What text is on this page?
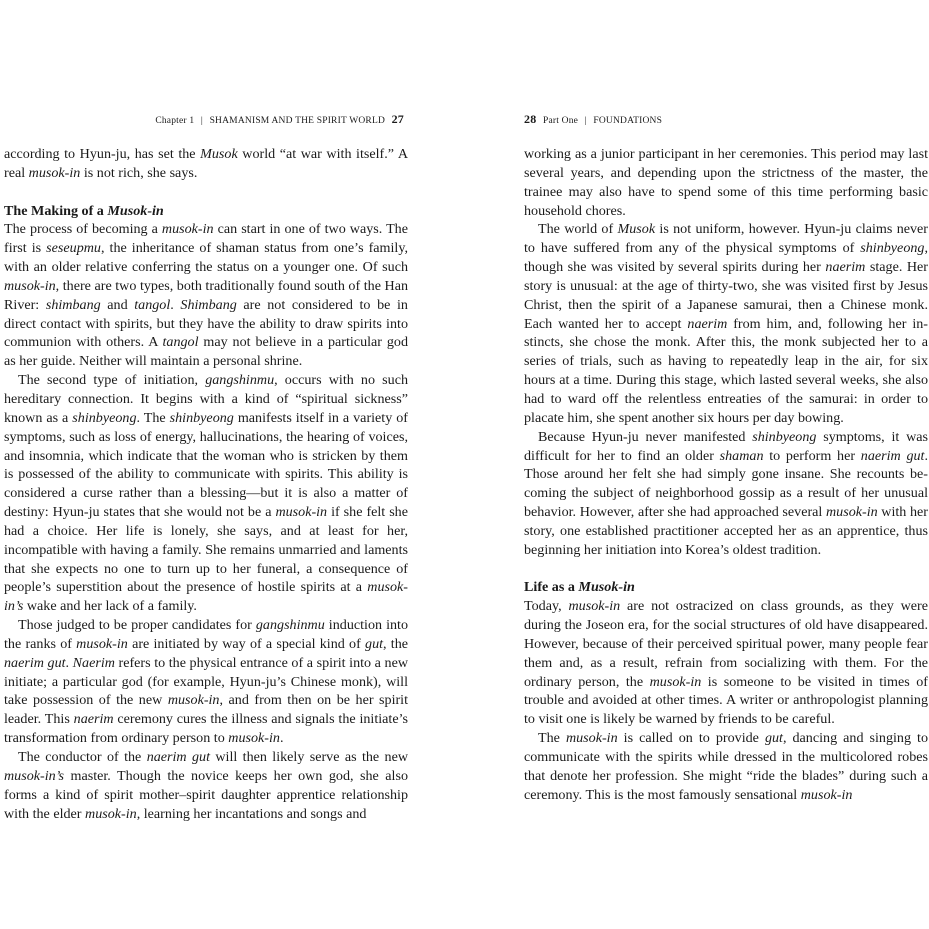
Chapter 1 | SHAMANISM AND THE SPIRIT WORLD 27

according to Hyun-ju, has set the Musok world “at war with itself.” A real musok-in is not rich, she says.

The Making of a Musok-in

The process of becoming a musok-in can start in one of two ways. The first is seseupmu, the inheritance of shaman status from one’s family, with an older relative conferring the status on a younger one. Of such musok-in, there are two types, both traditionally found south of the Han River: shimbang and tangol. Shimbang are not considered to be in direct contact with spirits, but they have the ability to draw spirits into communion with others. A tangol may not believe in a particular god as her guide. Neither will maintain a personal shrine.

The second type of initiation, gangshinmu, occurs with no such hereditary connection. It begins with a kind of “spiritual sickness” known as a shinbyeong. The shinbyeong manifests itself in a variety of symptoms, such as loss of energy, hallucinations, the hearing of voices, and insomnia, which indicate that the woman who is stricken by them is possessed of the ability to communicate with spirits. This ability is considered a curse rather than a blessing—but it is also a matter of destiny: Hyun-ju states that she would not be a musok-in if she felt she had a choice. Her life is lonely, she says, and at least for her, incompatible with having a family. She remains unmarried and laments that she expects no one to turn up to her funeral, a consequence of people’s superstition about the presence of hostile spirits at a musok-in’s wake and her lack of a family.

Those judged to be proper candidates for gangshinmu induction into the ranks of musok-in are initiated by way of a special kind of gut, the naerim gut. Naerim refers to the physical entrance of a spirit into a new initiate; a particular god (for example, Hyun-ju’s Chinese monk), will take possession of the new musok-in, and from then on be her spirit leader. This naerim ceremony cures the illness and signals the initiate’s transformation from ordinary person to musok-in.

The conductor of the naerim gut will then likely serve as the new musok-in’s master. Though the novice keeps her own god, she also forms a kind of spirit mother–spirit daughter apprentice relationship with the elder musok-in, learning her incantations and songs and

28 Part One | FOUNDATIONS

working as a junior participant in her ceremonies. This period may last several years, and depending upon the strictness of the master, the trainee may also have to spend some of this time performing basic household chores.

The world of Musok is not uniform, however. Hyun-ju claims never to have suffered from any of the physical symptoms of shinbyeong, though she was visited by several spirits during her naerim stage. Her story is unusual: at the age of thirty-two, she was visited first by Jesus Christ, then the spirit of a Japanese samurai, then a Chinese monk. Each wanted her to accept naerim from him, and, following her instincts, she chose the monk. After this, the monk subjected her to a series of trials, such as having to repeatedly leap in the air, for six hours at a time. During this stage, which lasted several weeks, she also had to ward off the relentless entreaties of the samurai: in order to placate him, she spent another six hours per day bowing.

Because Hyun-ju never manifested shinbyeong symptoms, it was difficult for her to find an older shaman to perform her naerim gut. Those around her felt she had simply gone insane. She recounts becoming the subject of neighborhood gossip as a result of her unusual behavior. However, after she had approached several musok-in with her story, one established practitioner accepted her as an apprentice, thus beginning her initiation into Korea’s oldest tradition.

Life as a Musok-in

Today, musok-in are not ostracized on class grounds, as they were during the Joseon era, for the social structures of old have disappeared. However, because of their perceived spiritual power, many people fear them and, as a result, refrain from socializing with them. For the ordinary person, the musok-in is someone to be visited in times of trouble and avoided at other times. A writer or anthropologist planning to visit one is likely be warned by friends to be careful.

The musok-in is called on to provide gut, dancing and singing to communicate with the spirits while dressed in the multicolored robes that denote her profession. She might “ride the blades” during such a ceremony. This is the most famously sensational musok-in
